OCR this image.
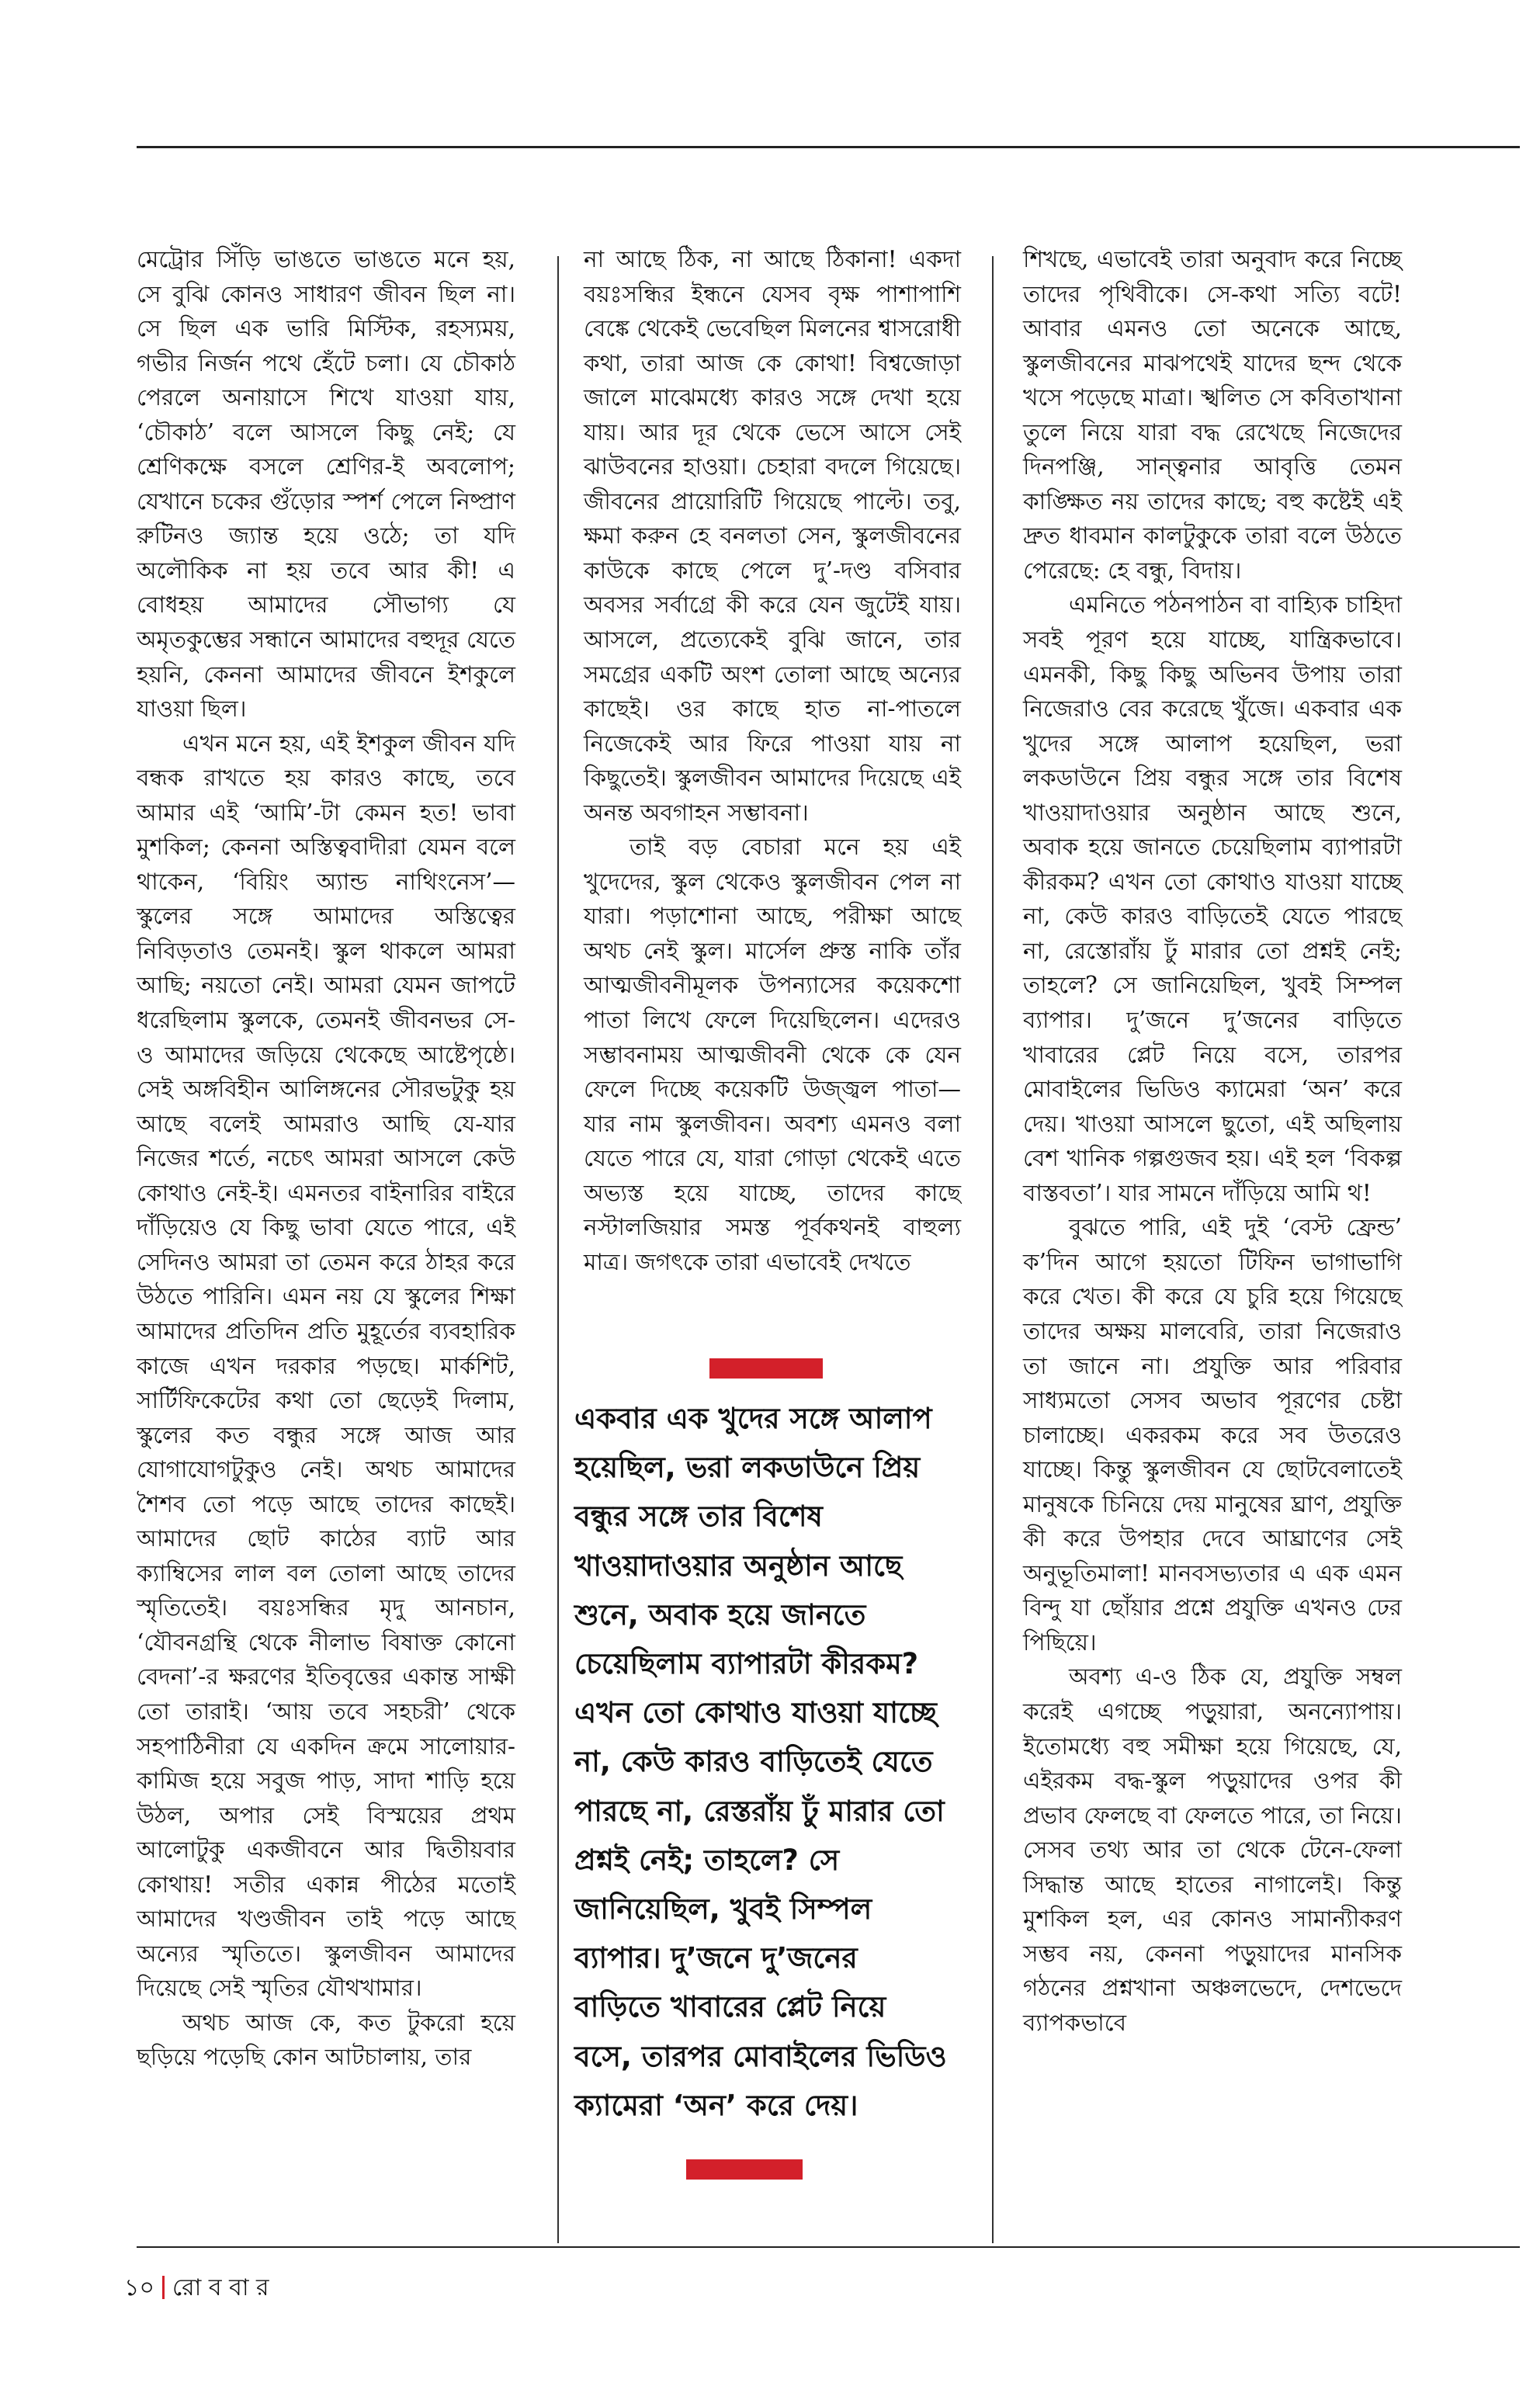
মেট্রোর সিঁড়ি ভাঙতে ভাঙতে মনে হয়, সে বুঝি কোনও সাধারণ জীবন ছিল না। সে ছিল এক ভারি মিস্টিক, রহস্যময়, গভীর নির্জন পথে হেঁটে চলা। যে চৌকাঠ পেরলে অনায়াসে শিখে যাওয়া যায়, ‘চৌকাঠ’ বলে আসলে কিছু নেই; যে শ্রেণিকক্ষে বসলে শ্রেণির-ই অবলোপ; যেখানে চকের গুঁড়োর স্পর্শ পেলে নিষ্প্রাণ রুটিনও জ্যান্ত হয়ে ওঠে; তা যদি অলৌকিক না হয় তবে আর কী! এ বোধহয় আমাদের সৌভাগ্য যে অমৃতকুম্ভের সন্ধানে আমাদের বহুদূর যেতে হয়নি, কেননা আমাদের জীবনে ইশকুলে যাওয়া ছিল।

এখন মনে হয়, এই ইশকুল জীবন যদি বন্ধক রাখতে হয় কারও কাছে, তবে আমার এই ‘আমি’-টা কেমন হত! ভাবা মুশকিল; কেননা অস্তিত্ববাদীরা যেমন বলে থাকেন, ‘বিয়িং অ্যান্ড নাথিংনেস’— স্কুলের সঙ্গে আমাদের অস্তিত্বের নিবিড়তাও তেমনই। স্কুল থাকলে আমরা আছি; নয়তো নেই। আমরা যেমন জাপটে ধরেছিলাম স্কুলকে, তেমনই জীবনভর সে-ও আমাদের জড়িয়ে থেকেছে আষ্টেপৃষ্ঠে। সেই অঙ্গবিহীন আলিঙ্গনের সৌরভটুকু হয় আছে বলেই আমরাও আছি যে-যার নিজের শর্তে, নচেৎ আমরা আসলে কেউ কোথাও নেই-ই। এমনতর বাইনারির বাইরে দাঁড়িয়েও যে কিছু ভাবা যেতে পারে, এই সেদিনও আমরা তা তেমন করে ঠাহর করে উঠতে পারিনি। এমন নয় যে স্কুলের শিক্ষা আমাদের প্রতিদিন প্রতি মুহূর্তের ব্যবহারিক কাজে এখন দরকার পড়ছে। মার্কশিট, সার্টিফিকেটের কথা তো ছেড়েই দিলাম, স্কুলের কত বন্ধুর সঙ্গে আজ আর যোগাযোগটুকুও নেই। অথচ আমাদের শৈশব তো পড়ে আছে তাদের কাছেই। আমাদের ছোট কাঠের ব্যাট আর ক্যাম্বিসের লাল বল তোলা আছে তাদের স্মৃতিতেই। বয়ঃসন্ধির মৃদু আনচান, ‘যৌবনগ্রন্থি থেকে নীলাভ বিষাক্ত কোনো বেদনা’-র ক্ষরণের ইতিবৃত্তের একান্ত সাক্ষী তো তারাই। ‘আয় তবে সহচরী’ থেকে সহপাঠিনীরা যে একদিন ক্রমে সালোয়ার-কামিজ হয়ে সবুজ পাড়, সাদা শাড়ি হয়ে উঠল, অপার সেই বিস্ময়ের প্রথম আলোটুকু একজীবনে আর দ্বিতীয়বার কোথায়! সতীর একান্ন পীঠের মতোই আমাদের খণ্ডজীবন তাই পড়ে আছে অন্যের স্মৃতিতে। স্কুলজীবন আমাদের দিয়েছে সেই স্মৃতির যৌথখামার।

অথচ আজ কে, কত টুকরো হয়ে ছড়িয়ে পড়েছি কোন আটচালায়, তার

না আছে ঠিক, না আছে ঠিকানা! একদা বয়ঃসন্ধির ইন্ধনে যেসব বৃক্ষ পাশাপাশি বেঙ্কে থেকেই ভেবেছিল মিলনের শ্বাসরোধী কথা, তারা আজ কে কোথা! বিশ্বজোড়া জালে মাঝেমধ্যে কারও সঙ্গে দেখা হয়ে যায়। আর দূর থেকে ভেসে আসে সেই ঝাউবনের হাওয়া। চেহারা বদলে গিয়েছে। জীবনের প্রায়োরিটি গিয়েছে পাল্টে। তবু, ক্ষমা করুন হে বনলতা সেন, স্কুলজীবনের কাউকে কাছে পেলে দু’-দণ্ড বসিবার অবসর সর্বাগ্রে কী করে যেন জুটেই যায়। আসলে, প্রত্যেকেই বুঝি জানে, তার সমগ্রের একটি অংশ তোলা আছে অন্যের কাছেই। ওর কাছে হাত না-পাতলে নিজেকেই আর ফিরে পাওয়া যায় না কিছুতেই। স্কুলজীবন আমাদের দিয়েছে এই অনন্ত অবগাহন সম্ভাবনা।

তাই বড় বেচারা মনে হয় এই খুদেদের, স্কুল থেকেও স্কুলজীবন পেল না যারা। পড়াশোনা আছে, পরীক্ষা আছে অথচ নেই স্কুল। মার্সেল প্রুস্ত নাকি তাঁর আত্মজীবনীমূলক উপন্যাসের কয়েকশো পাতা লিখে ফেলে দিয়েছিলেন। এদেরও সম্ভাবনাময় আত্মজীবনী থেকে কে যেন ফেলে দিচ্ছে কয়েকটি উজ্জ্বল পাতা— যার নাম স্কুলজীবন। অবশ্য এমনও বলা যেতে পারে যে, যারা গোড়া থেকেই এতে অভ্যস্ত হয়ে যাচ্ছে, তাদের কাছে নস্টালজিয়ার সমস্ত পূর্বকথনই বাহুল্য মাত্র। জগৎকে তারা এভাবেই দেখতে

একবার এক খুদের সঙ্গে আলাপ হয়েছিল, ভরা লকডাউনে প্রিয় বন্ধুর সঙ্গে তার বিশেষ খাওয়াদাওয়ার অনুষ্ঠান আছে শুনে, অবাক হয়ে জানতে চেয়েছিলাম ব্যাপারটা কীরকম? এখন তো কোথাও যাওয়া যাচ্ছে না, কেউ কারও বাড়িতেই যেতে পারছে না, রেস্তরাঁয় ঢুঁ মারার তো প্রশ্নই নেই; তাহলে? সে জানিয়েছিল, খুবই সিম্পল ব্যাপার। দু’জনে দু’জনের বাড়িতে খাবারের প্লেট নিয়ে বসে, তারপর মোবাইলের ভিডিও ক্যামেরা ‘অন’ করে দেয়।

শিখছে, এভাবেই তারা অনুবাদ করে নিচ্ছে তাদের পৃথিবীকে। সে-কথা সত্যি বটে! আবার এমনও তো অনেকে আছে, স্কুলজীবনের মাঝপথেই যাদের ছন্দ থেকে খসে পড়েছে মাত্রা। স্খলিত সে কবিতাখানা তুলে নিয়ে যারা বদ্ধ রেখেছে নিজেদের দিনপঞ্জি, সান্ত্বনার আবৃত্তি তেমন কাঙ্ক্ষিত নয় তাদের কাছে; বহু কষ্টেই এই দ্রুত ধাবমান কালটুকুকে তারা বলে উঠতে পেরেছে: হে বন্ধু, বিদায়।

এমনিতে পঠনপাঠন বা বাহ্যিক চাহিদা সবই পূরণ হয়ে যাচ্ছে, যান্ত্রিকভাবে। এমনকী, কিছু কিছু অভিনব উপায় তারা নিজেরাও বের করেছে খুঁজে। একবার এক খুদের সঙ্গে আলাপ হয়েছিল, ভরা লকডাউনে প্রিয় বন্ধুর সঙ্গে তার বিশেষ খাওয়াদাওয়ার অনুষ্ঠান আছে শুনে, অবাক হয়ে জানতে চেয়েছিলাম ব্যাপারটা কীরকম? এখন তো কোথাও যাওয়া যাচ্ছে না, কেউ কারও বাড়িতেই যেতে পারছে না, রেস্তোরাঁয় ঢুঁ মারার তো প্রশ্নই নেই; তাহলে? সে জানিয়েছিল, খুবই সিম্পল ব্যাপার। দু’জনে দু’জনের বাড়িতে খাবারের প্লেট নিয়ে বসে, তারপর মোবাইলের ভিডিও ক্যামেরা ‘অন’ করে দেয়। খাওয়া আসলে ছুতো, এই অছিলায় বেশ খানিক গল্পগুজব হয়। এই হল ‘বিকল্প বাস্তবতা’। যার সামনে দাঁড়িয়ে আমি থ!

বুঝতে পারি, এই দুই ‘বেস্ট ফ্রেন্ড’ ক’দিন আগে হয়তো টিফিন ভাগাভাগি করে খেত। কী করে যে চুরি হয়ে গিয়েছে তাদের অক্ষয় মালবেরি, তারা নিজেরাও তা জানে না। প্রযুক্তি আর পরিবার সাধ্যমতো সেসব অভাব পূরণের চেষ্টা চালাচ্ছে। একরকম করে সব উতরেও যাচ্ছে। কিন্তু স্কুলজীবন যে ছোটবেলাতেই মানুষকে চিনিয়ে দেয় মানুষের ঘ্রাণ, প্রযুক্তি কী করে উপহার দেবে আঘ্রাণের সেই অনুভূতিমালা! মানবসভ্যতার এ এক এমন বিন্দু যা ছোঁয়ার প্রশ্নে প্রযুক্তি এখনও ঢের পিছিয়ে।

অবশ্য এ-ও ঠিক যে, প্রযুক্তি সম্বল করেই এগচ্ছে পড়ুয়ারা, অনন্যোপায়। ইতোমধ্যে বহু সমীক্ষা হয়ে গিয়েছে, যে, এইরকম বদ্ধ-স্কুল পড়ুয়াদের ওপর কী প্রভাব ফেলছে বা ফেলতে পারে, তা নিয়ে। সেসব তথ্য আর তা থেকে টেনে-ফেলা সিদ্ধান্ত আছে হাতের নাগালেই। কিন্তু মুশকিল হল, এর কোনও সামান্যীকরণ সম্ভব নয়, কেননা পড়ুয়াদের মানসিক গঠনের প্রশ্নখানা অঞ্চলভেদে, দেশভেদে ব্যাপকভাবে

১০ রো ব বা র
